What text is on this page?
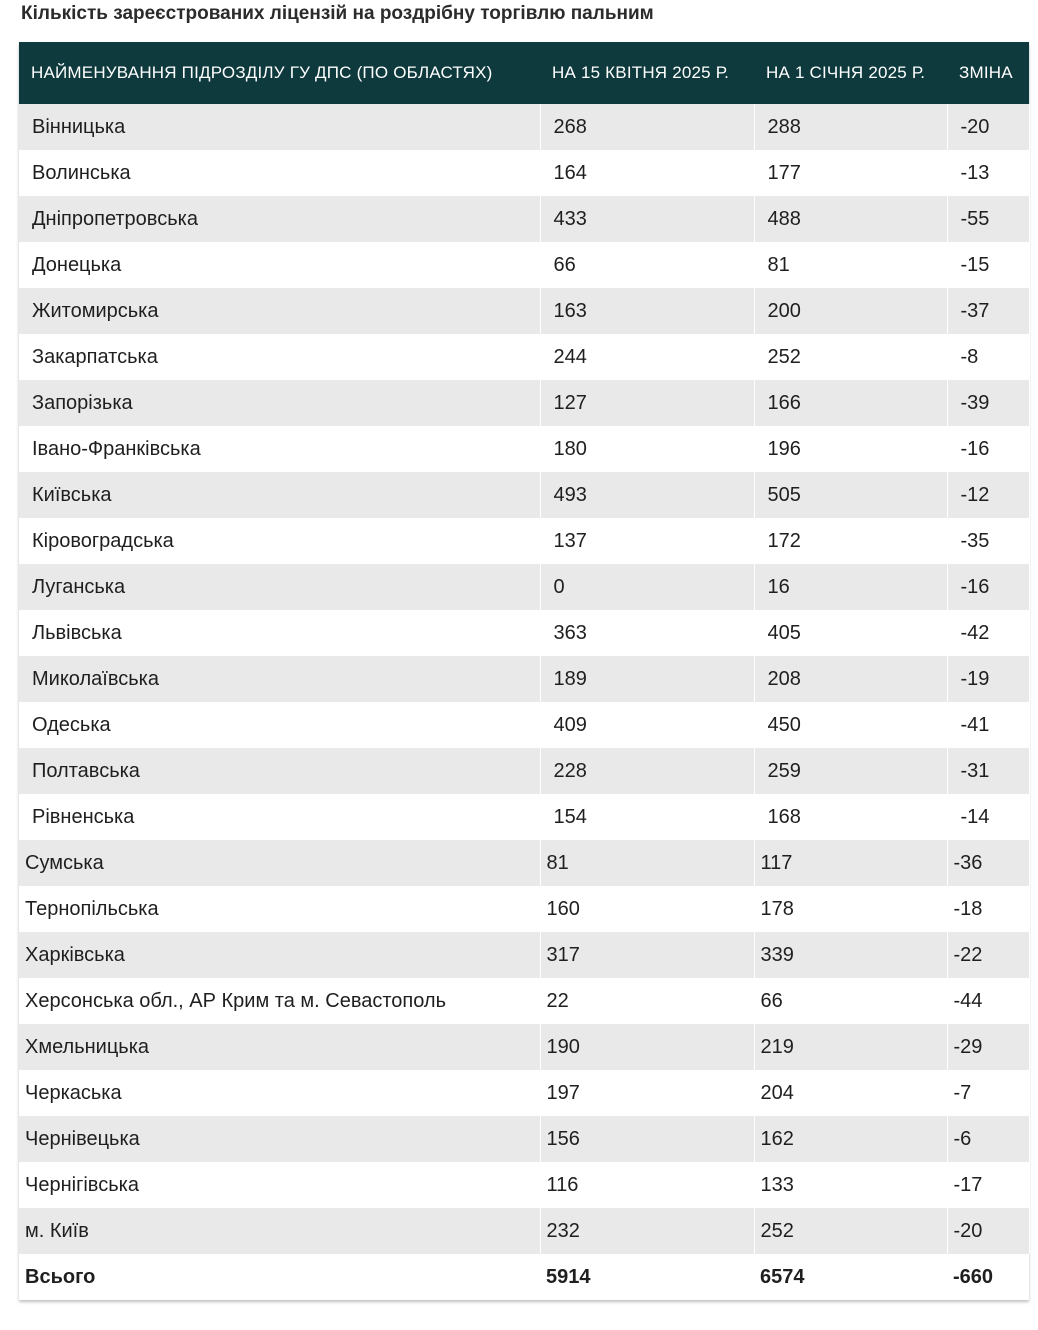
Кількість зареєстрованих ліцензій на роздрібну торгівлю пальним
НАЙМЕНУВАННЯ ПІДРОЗДІЛУ ГУ ДПС (ПО ОБЛАСТЯХ)	НА 15 КВІТНЯ 2025 Р.	НА 1 СІЧНЯ 2025 Р.	ЗМІНА
Вінницька	268	288	-20
Волинська	164	177	-13
Дніпропетровська	433	488	-55
Донецька	66	81	-15
Житомирська	163	200	-37
Закарпатська	244	252	-8
Запорізька	127	166	-39
Івано-Франківська	180	196	-16
Київська	493	505	-12
Кіровоградська	137	172	-35
Луганська	0	16	-16
Львівська	363	405	-42
Миколаївська	189	208	-19
Одеська	409	450	-41
Полтавська	228	259	-31
Рівненська	154	168	-14
Сумська	81	117	-36
Тернопільська	160	178	-18
Харківська	317	339	-22
Херсонська обл., АР Крим та м. Севастополь	22	66	-44
Хмельницька	190	219	-29
Черкаська	197	204	-7
Чернівецька	156	162	-6
Чернігівська	116	133	-17
м. Київ	232	252	-20
Всього	5914	6574	-660
